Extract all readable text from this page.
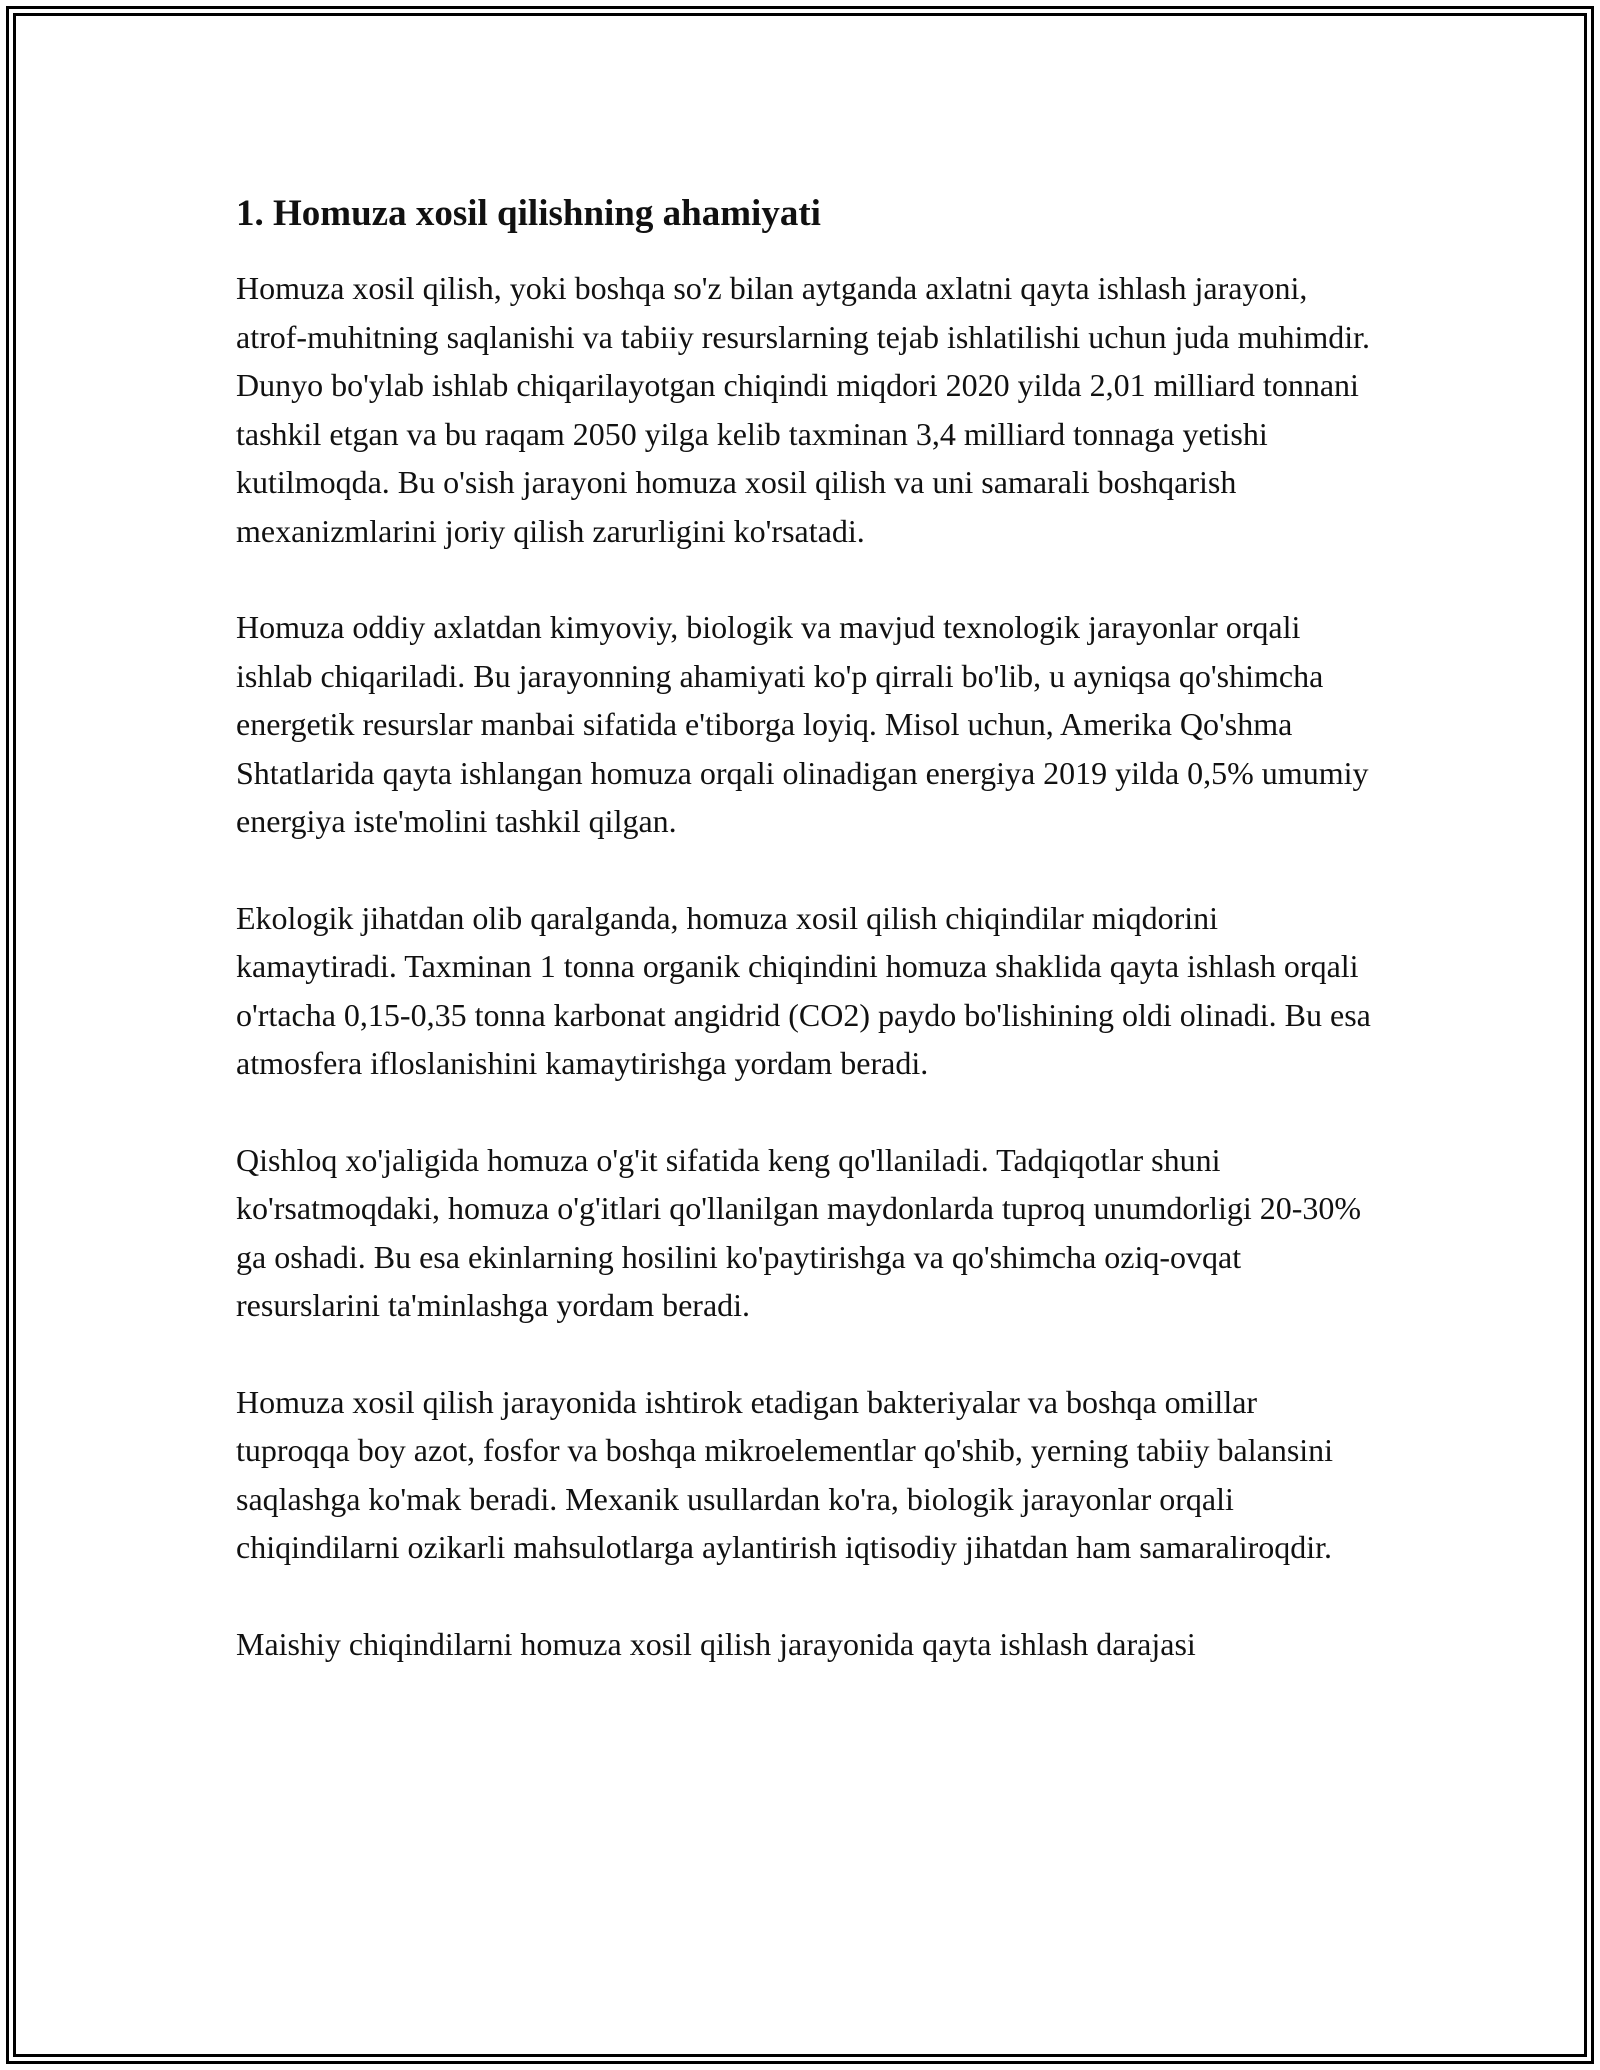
1. Homuza xosil qilishning ahamiyati

Homuza xosil qilish, yoki boshqa so'z bilan aytganda axlatni qayta ishlash jarayoni, atrof-muhitning saqlanishi va tabiiy resurslarning tejab ishlatilishi uchun juda muhimdir. Dunyo bo'ylab ishlab chiqarilayotgan chiqindi miqdori 2020 yilda 2,01 milliard tonnani tashkil etgan va bu raqam 2050 yilga kelib taxminan 3,4 milliard tonnaga yetishi kutilmoqda. Bu o'sish jarayoni homuza xosil qilish va uni samarali boshqarish mexanizmlarini joriy qilish zarurligini ko'rsatadi.

Homuza oddiy axlatdan kimyoviy, biologik va mavjud texnologik jarayonlar orqali ishlab chiqariladi. Bu jarayonning ahamiyati ko'p qirrali bo'lib, u ayniqsa qo'shimcha energetik resurslar manbai sifatida e'tiborga loyiq. Misol uchun, Amerika Qo'shma Shtatlarida qayta ishlangan homuza orqali olinadigan energiya 2019 yilda 0,5% umumiy energiya iste'molini tashkil qilgan.

Ekologik jihatdan olib qaralganda, homuza xosil qilish chiqindilar miqdorini kamaytiradi. Taxminan 1 tonna organik chiqindini homuza shaklida qayta ishlash orqali o'rtacha 0,15-0,35 tonna karbonat angidrid (CO2) paydo bo'lishining oldi olinadi. Bu esa atmosfera ifloslanishini kamaytirishga yordam beradi.

Qishloq xo'jaligida homuza o'g'it sifatida keng qo'llaniladi. Tadqiqotlar shuni ko'rsatmoqdaki, homuza o'g'itlari qo'llanilgan maydonlarda tuproq unumdorligi 20-30% ga oshadi. Bu esa ekinlarning hosilini ko'paytirishga va qo'shimcha oziq-ovqat resurslarini ta'minlashga yordam beradi.

Homuza xosil qilish jarayonida ishtirok etadigan bakteriyalar va boshqa omillar tuproqqa boy azot, fosfor va boshqa mikroelementlar qo'shib, yerning tabiiy balansini saqlashga ko'mak beradi. Mexanik usullardan ko'ra, biologik jarayonlar orqali chiqindilarni ozikarli mahsulotlarga aylantirish iqtisodiy jihatdan ham samaraliroqdir.

Maishiy chiqindilarni homuza xosil qilish jarayonida qayta ishlash darajasi
